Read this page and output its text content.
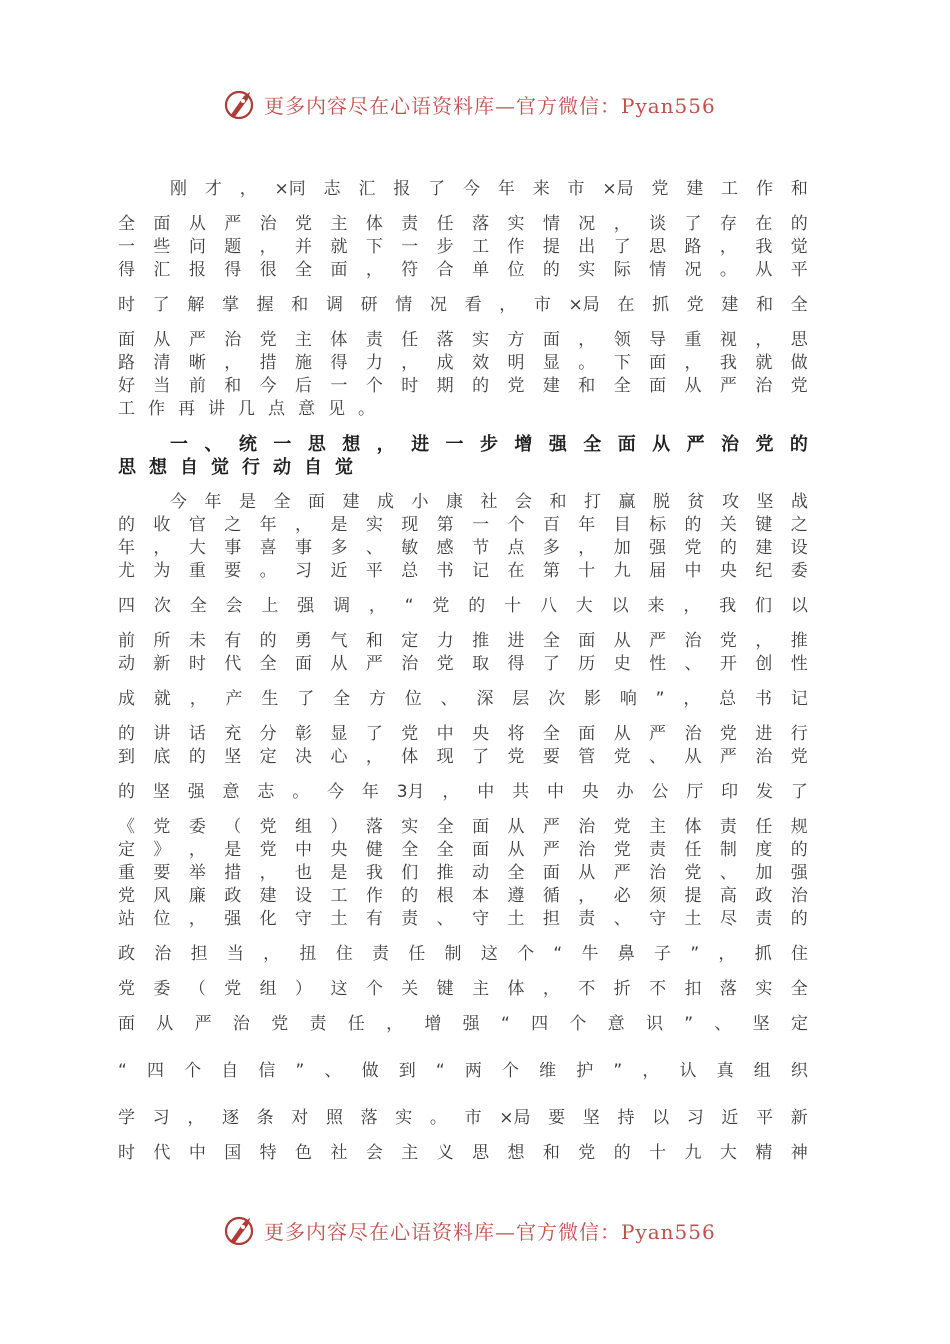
更多内容尽在心语资料库—官方微信：Pyan556
刚 才 ， ×同 志 汇 报 了 今 年 来 市 ×局 党 建 工 作 和
全 面 从 严 治 党 主 体 责 任 落 实 情 况 ， 谈 了 存 在 的
一 些 问 题 ， 并 就 下 一 步 工 作 提 出 了 思 路 ， 我 觉
得 汇 报 得 很 全 面 ， 符 合 单 位 的 实 际 情 况 。 从 平
时 了 解 掌 握 和 调 研 情 况 看 ， 市 ×局 在 抓 党 建 和 全
面 从 严 治 党 主 体 责 任 落 实 方 面 ， 领 导 重 视 ， 思
路 清 晰 ， 措 施 得 力 ， 成 效 明 显 。 下 面 ， 我 就 做
好 当 前 和 今 后 一 个 时 期 的 党 建 和 全 面 从 严 治 党
工 作 再 讲 几 点 意 见 。
一 、 统 一 思 想 ， 进 一 步 增 强 全 面 从 严 治 党 的
思 想 自 觉 行 动 自 觉
今 年 是 全 面 建 成 小 康 社 会 和 打 赢 脱 贫 攻 坚 战
的 收 官 之 年 ， 是 实 现 第 一 个 百 年 目 标 的 关 键 之
年 ， 大 事 喜 事 多 、 敏 感 节 点 多 ， 加 强 党 的 建 设
尤 为 重 要 。 习 近 平 总 书 记 在 第 十 九 届 中 央 纪 委
四 次 全 会 上 强 调 ， “ 党 的 十 八 大 以 来 ， 我 们 以
前 所 未 有 的 勇 气 和 定 力 推 进 全 面 从 严 治 党 ， 推
动 新 时 代 全 面 从 严 治 党 取 得 了 历 史 性 、 开 创 性
成 就 ， 产 生 了 全 方 位 、 深 层 次 影 响 ” ， 总 书 记
的 讲 话 充 分 彰 显 了 党 中 央 将 全 面 从 严 治 党 进 行
到 底 的 坚 定 决 心 ， 体 现 了 党 要 管 党 、 从 严 治 党
的 坚 强 意 志 。 今 年 3月 ， 中 共 中 央 办 公 厅 印 发 了
《 党 委 （ 党 组 ） 落 实 全 面 从 严 治 党 主 体 责 任 规
定 》 ， 是 党 中 央 健 全 全 面 从 严 治 党 责 任 制 度 的
重 要 举 措 ， 也 是 我 们 推 动 全 面 从 严 治 党 、 加 强
党 风 廉 政 建 设 工 作 的 根 本 遵 循 ， 必 须 提 高 政 治
站 位 ， 强 化 守 土 有 责 、 守 土 担 责 、 守 土 尽 责 的
政 治 担 当 ， 扭 住 责 任 制 这 个 “ 牛 鼻 子 ” ， 抓 住
党 委 （ 党 组 ） 这 个 关 键 主 体 ， 不 折 不 扣 落 实 全
面 从 严 治 党 责 任 ， 增 强 “ 四 个 意 识 ” 、 坚 定
“ 四 个 自 信 ” 、 做 到 “ 两 个 维 护 ” ， 认 真 组 织
学 习 ， 逐 条 对 照 落 实 。 市 ×局 要 坚 持 以 习 近 平 新
时 代 中 国 特 色 社 会 主 义 思 想 和 党 的 十 九 大 精 神
更多内容尽在心语资料库—官方微信：Pyan556
